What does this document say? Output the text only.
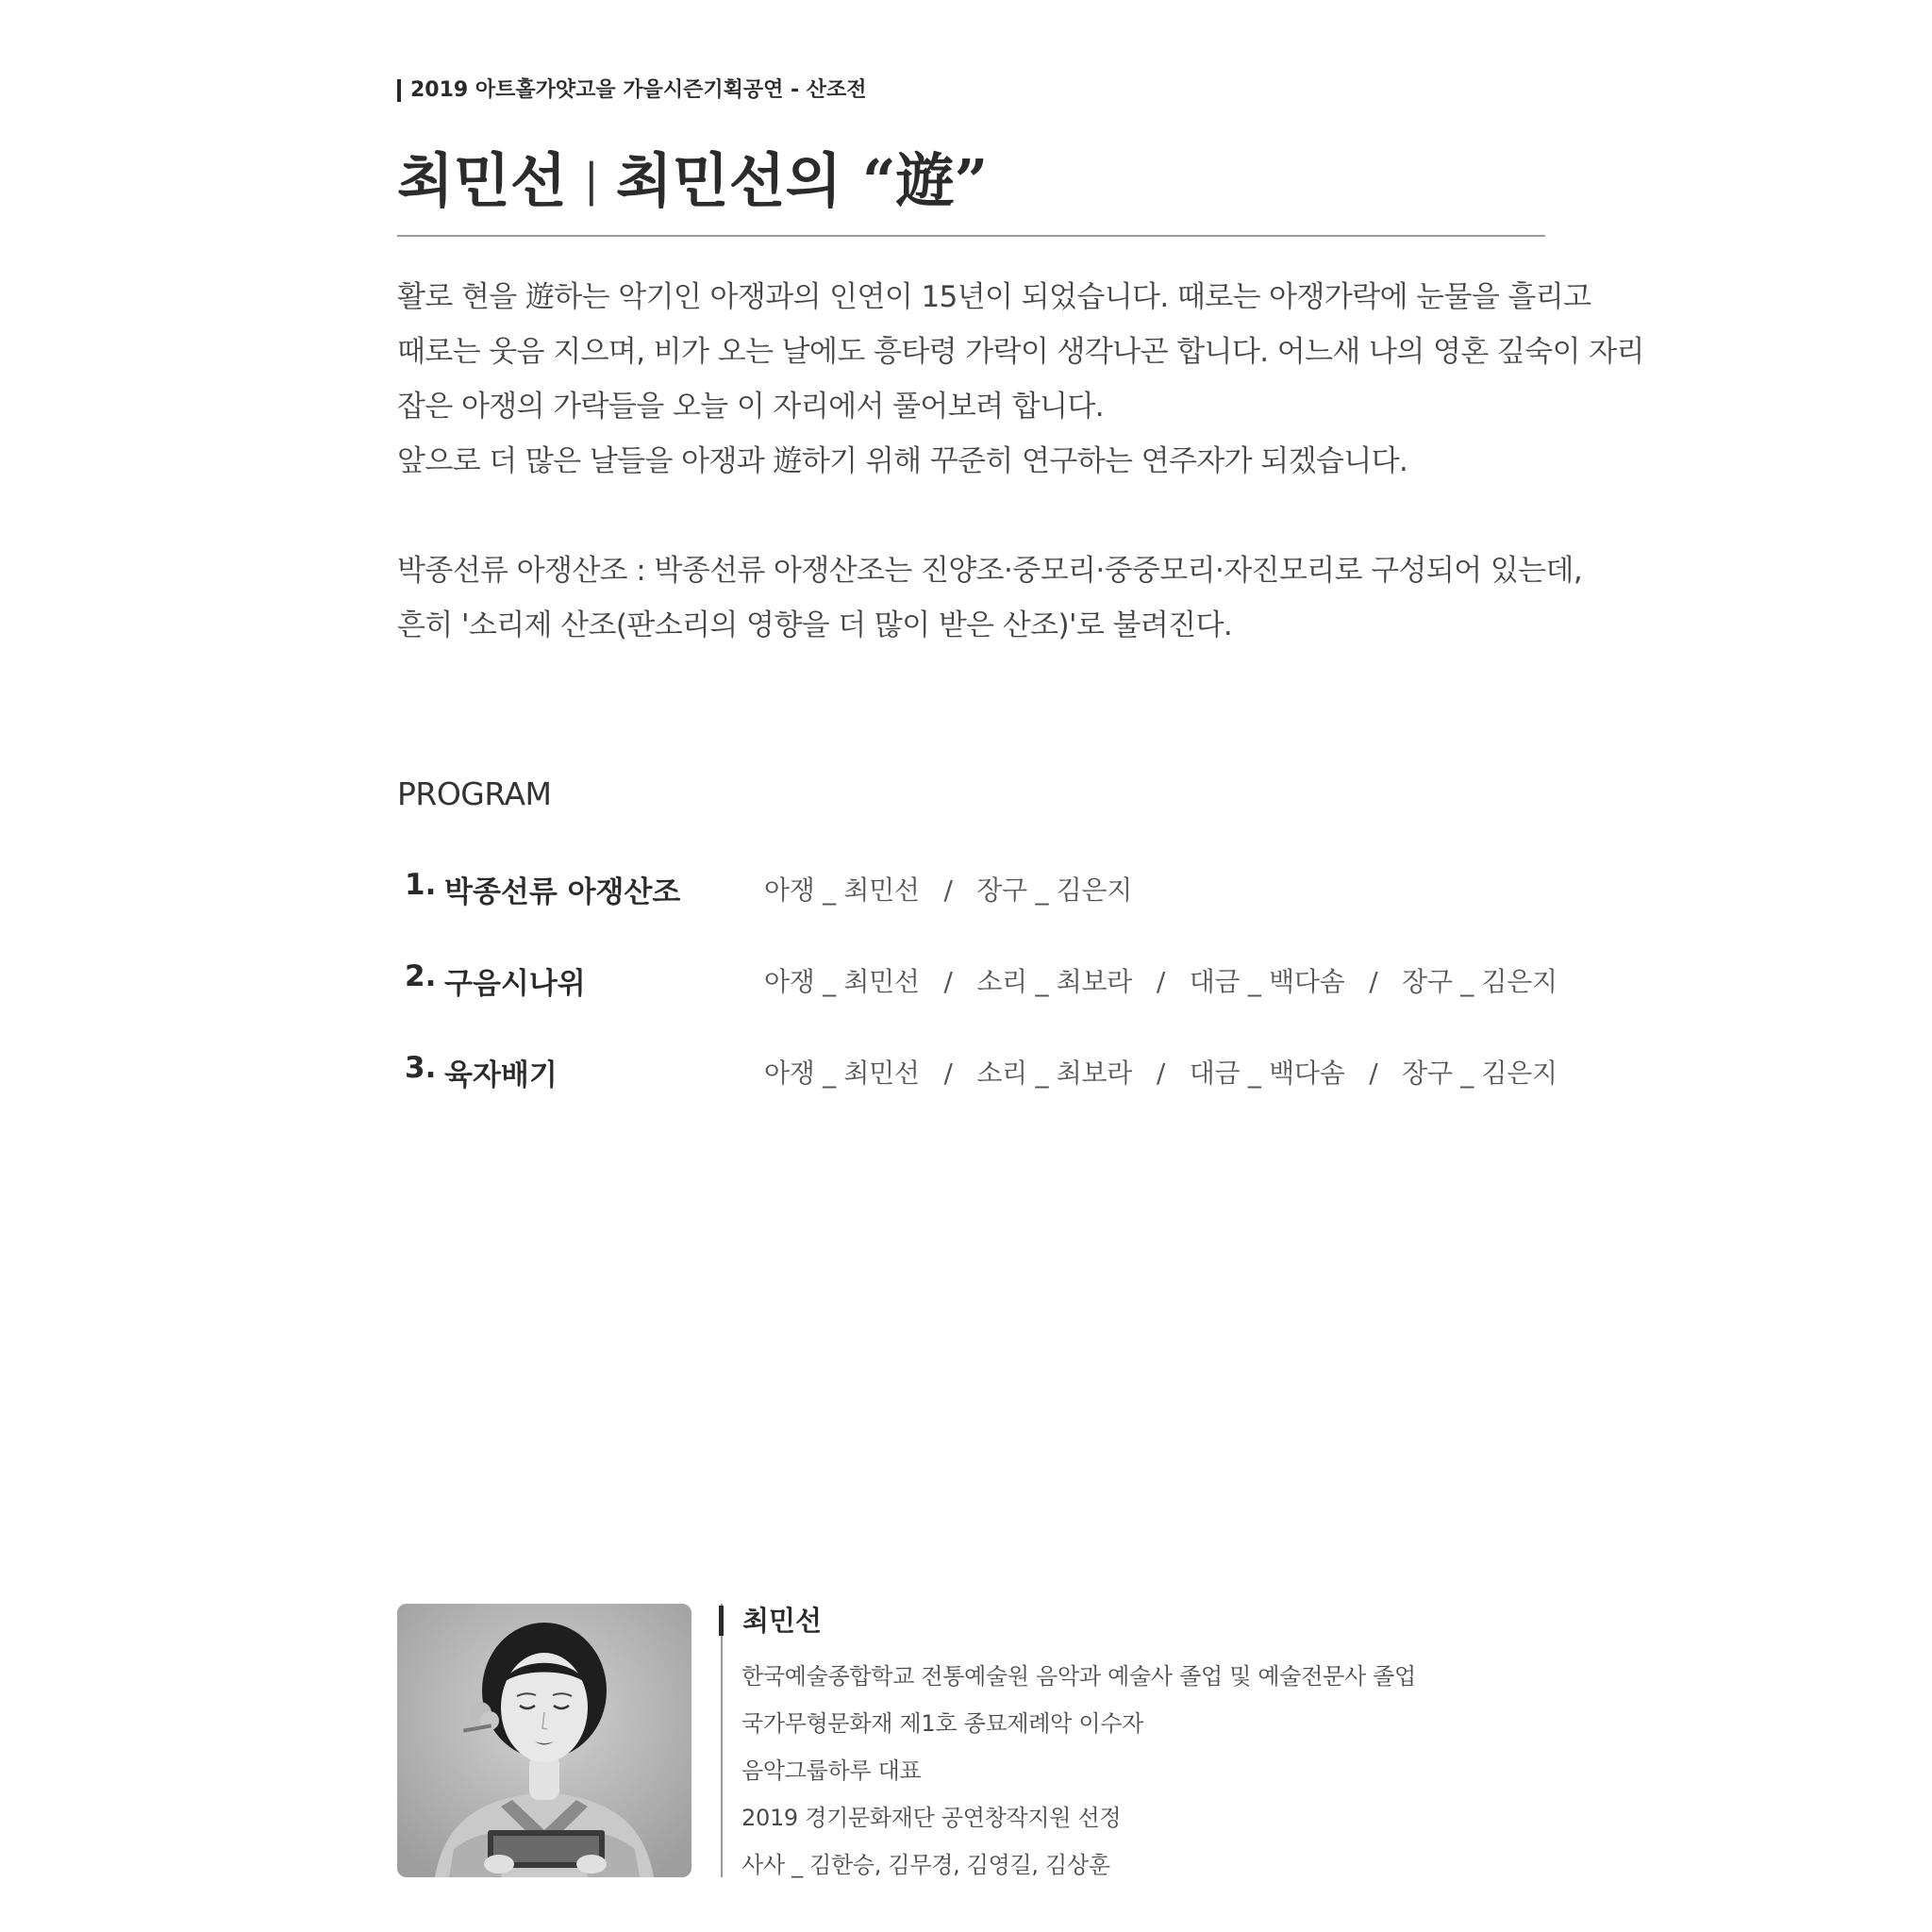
2019 아트홀가얏고을 가을시즌기획공연 - 산조전
최민선 | 최민선의 “遊”

활로 현을 遊하는 악기인 아쟁과의 인연이 15년이 되었습니다. 때로는 아쟁가락에 눈물을 흘리고
때로는 웃음 지으며, 비가 오는 날에도 흥타령 가락이 생각나곤 합니다. 어느새 나의 영혼 깊숙이 자리
잡은 아쟁의 가락들을 오늘 이 자리에서 풀어보려 합니다.
앞으로 더 많은 날들을 아쟁과 遊하기 위해 꾸준히 연구하는 연주자가 되겠습니다.

박종선류 아쟁산조 : 박종선류 아쟁산조는 진양조·중모리·중중모리·자진모리로 구성되어 있는데,
흔히 '소리제 산조(판소리의 영향을 더 많이 받은 산조)'로 불려진다.

PROGRAM
1. 박종선류 아쟁산조	아쟁 _ 최민선   /   장구 _ 김은지
2. 구음시나위	아쟁 _ 최민선   /   소리 _ 최보라   /   대금 _ 백다솜   /   장구 _ 김은지
3. 육자배기	아쟁 _ 최민선   /   소리 _ 최보라   /   대금 _ 백다솜   /   장구 _ 김은지
최민선
한국예술종합학교 전통예술원 음악과 예술사 졸업 및 예술전문사 졸업
국가무형문화재 제1호 종묘제례악 이수자
음악그룹하루 대표
2019 경기문화재단 공연창작지원 선정
사사 _ 김한승, 김무경, 김영길, 김상훈
